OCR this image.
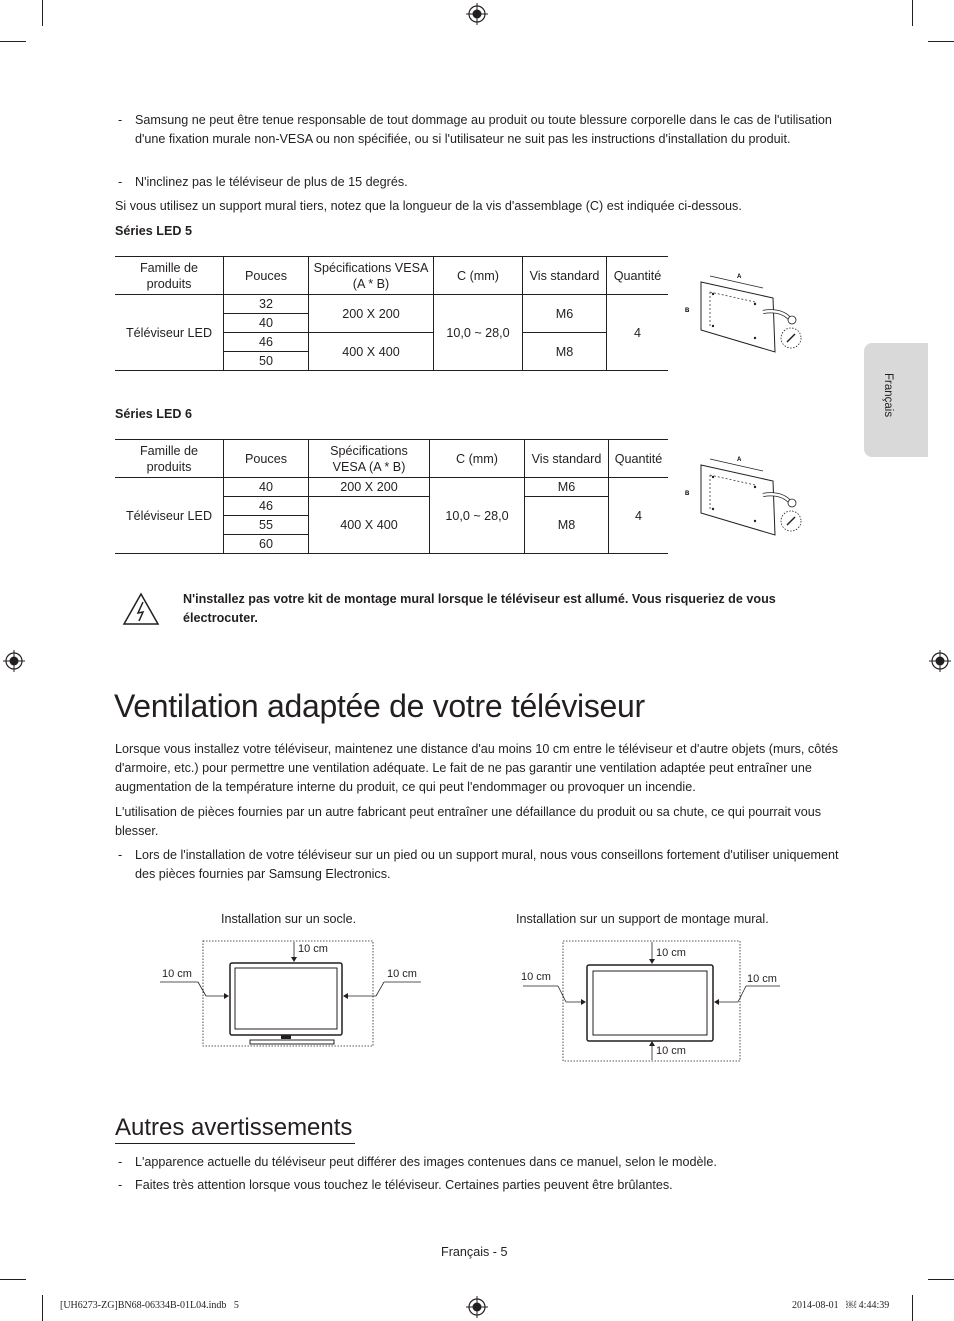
- Samsung ne peut être tenue responsable de tout dommage au produit ou toute blessure corporelle dans le cas de l'utilisation d'une fixation murale non-VESA ou non spécifiée, ou si l'utilisateur ne suit pas les instructions d'installation du produit.
- N'inclinez pas le téléviseur de plus de 15 degrés.
Si vous utilisez un support mural tiers, notez que la longueur de la vis d'assemblage (C) est indiquée ci-dessous.
Séries LED 5
Famille de produits	Pouces	Spécifications VESA (A * B)	C (mm)	Vis standard	Quantité
Téléviseur LED	32	200 X 200	10,0 ~ 28,0	M6	4
	40				
	46	400 X 400		M8	
	50				
A
B
Séries LED 6
Famille de produits	Pouces	Spécifications VESA (A * B)	C (mm)	Vis standard	Quantité
Téléviseur LED	40	200 X 200	10,0 ~ 28,0	M6	4
	46	400 X 400		M8	
	55				
	60				
A
B
Français
N'installez pas votre kit de montage mural lorsque le téléviseur est allumé. Vous risqueriez de vous électrocuter.
Ventilation adaptée de votre téléviseur
Lorsque vous installez votre téléviseur, maintenez une distance d'au moins 10 cm entre le téléviseur et d'autre objets (murs, côtés d'armoire, etc.) pour permettre une ventilation adéquate. Le fait de ne pas garantir une ventilation adaptée peut entraîner une augmentation de la température interne du produit, ce qui peut l'endommager ou provoquer un incendie.
L'utilisation de pièces fournies par un autre fabricant peut entraîner une défaillance du produit ou sa chute, ce qui pourrait vous blesser.
- Lors de l'installation de votre téléviseur sur un pied ou un support mural, nous vous conseillons fortement d'utiliser uniquement des pièces fournies par Samsung Electronics.
Installation sur un socle.	Installation sur un support de montage mural.
10 cm
10 cm	10 cm
10 cm
10 cm	10 cm
10 cm
Autres avertissements
- L'apparence actuelle du téléviseur peut différer des images contenues dans ce manuel, selon le modèle.
- Faites très attention lorsque vous touchez le téléviseur. Certaines parties peuvent être brûlantes.
Français - 5
[UH6273-ZG]BN68-06334B-01L04.indb   5	2014-08-01   ￼ 4:44:39
